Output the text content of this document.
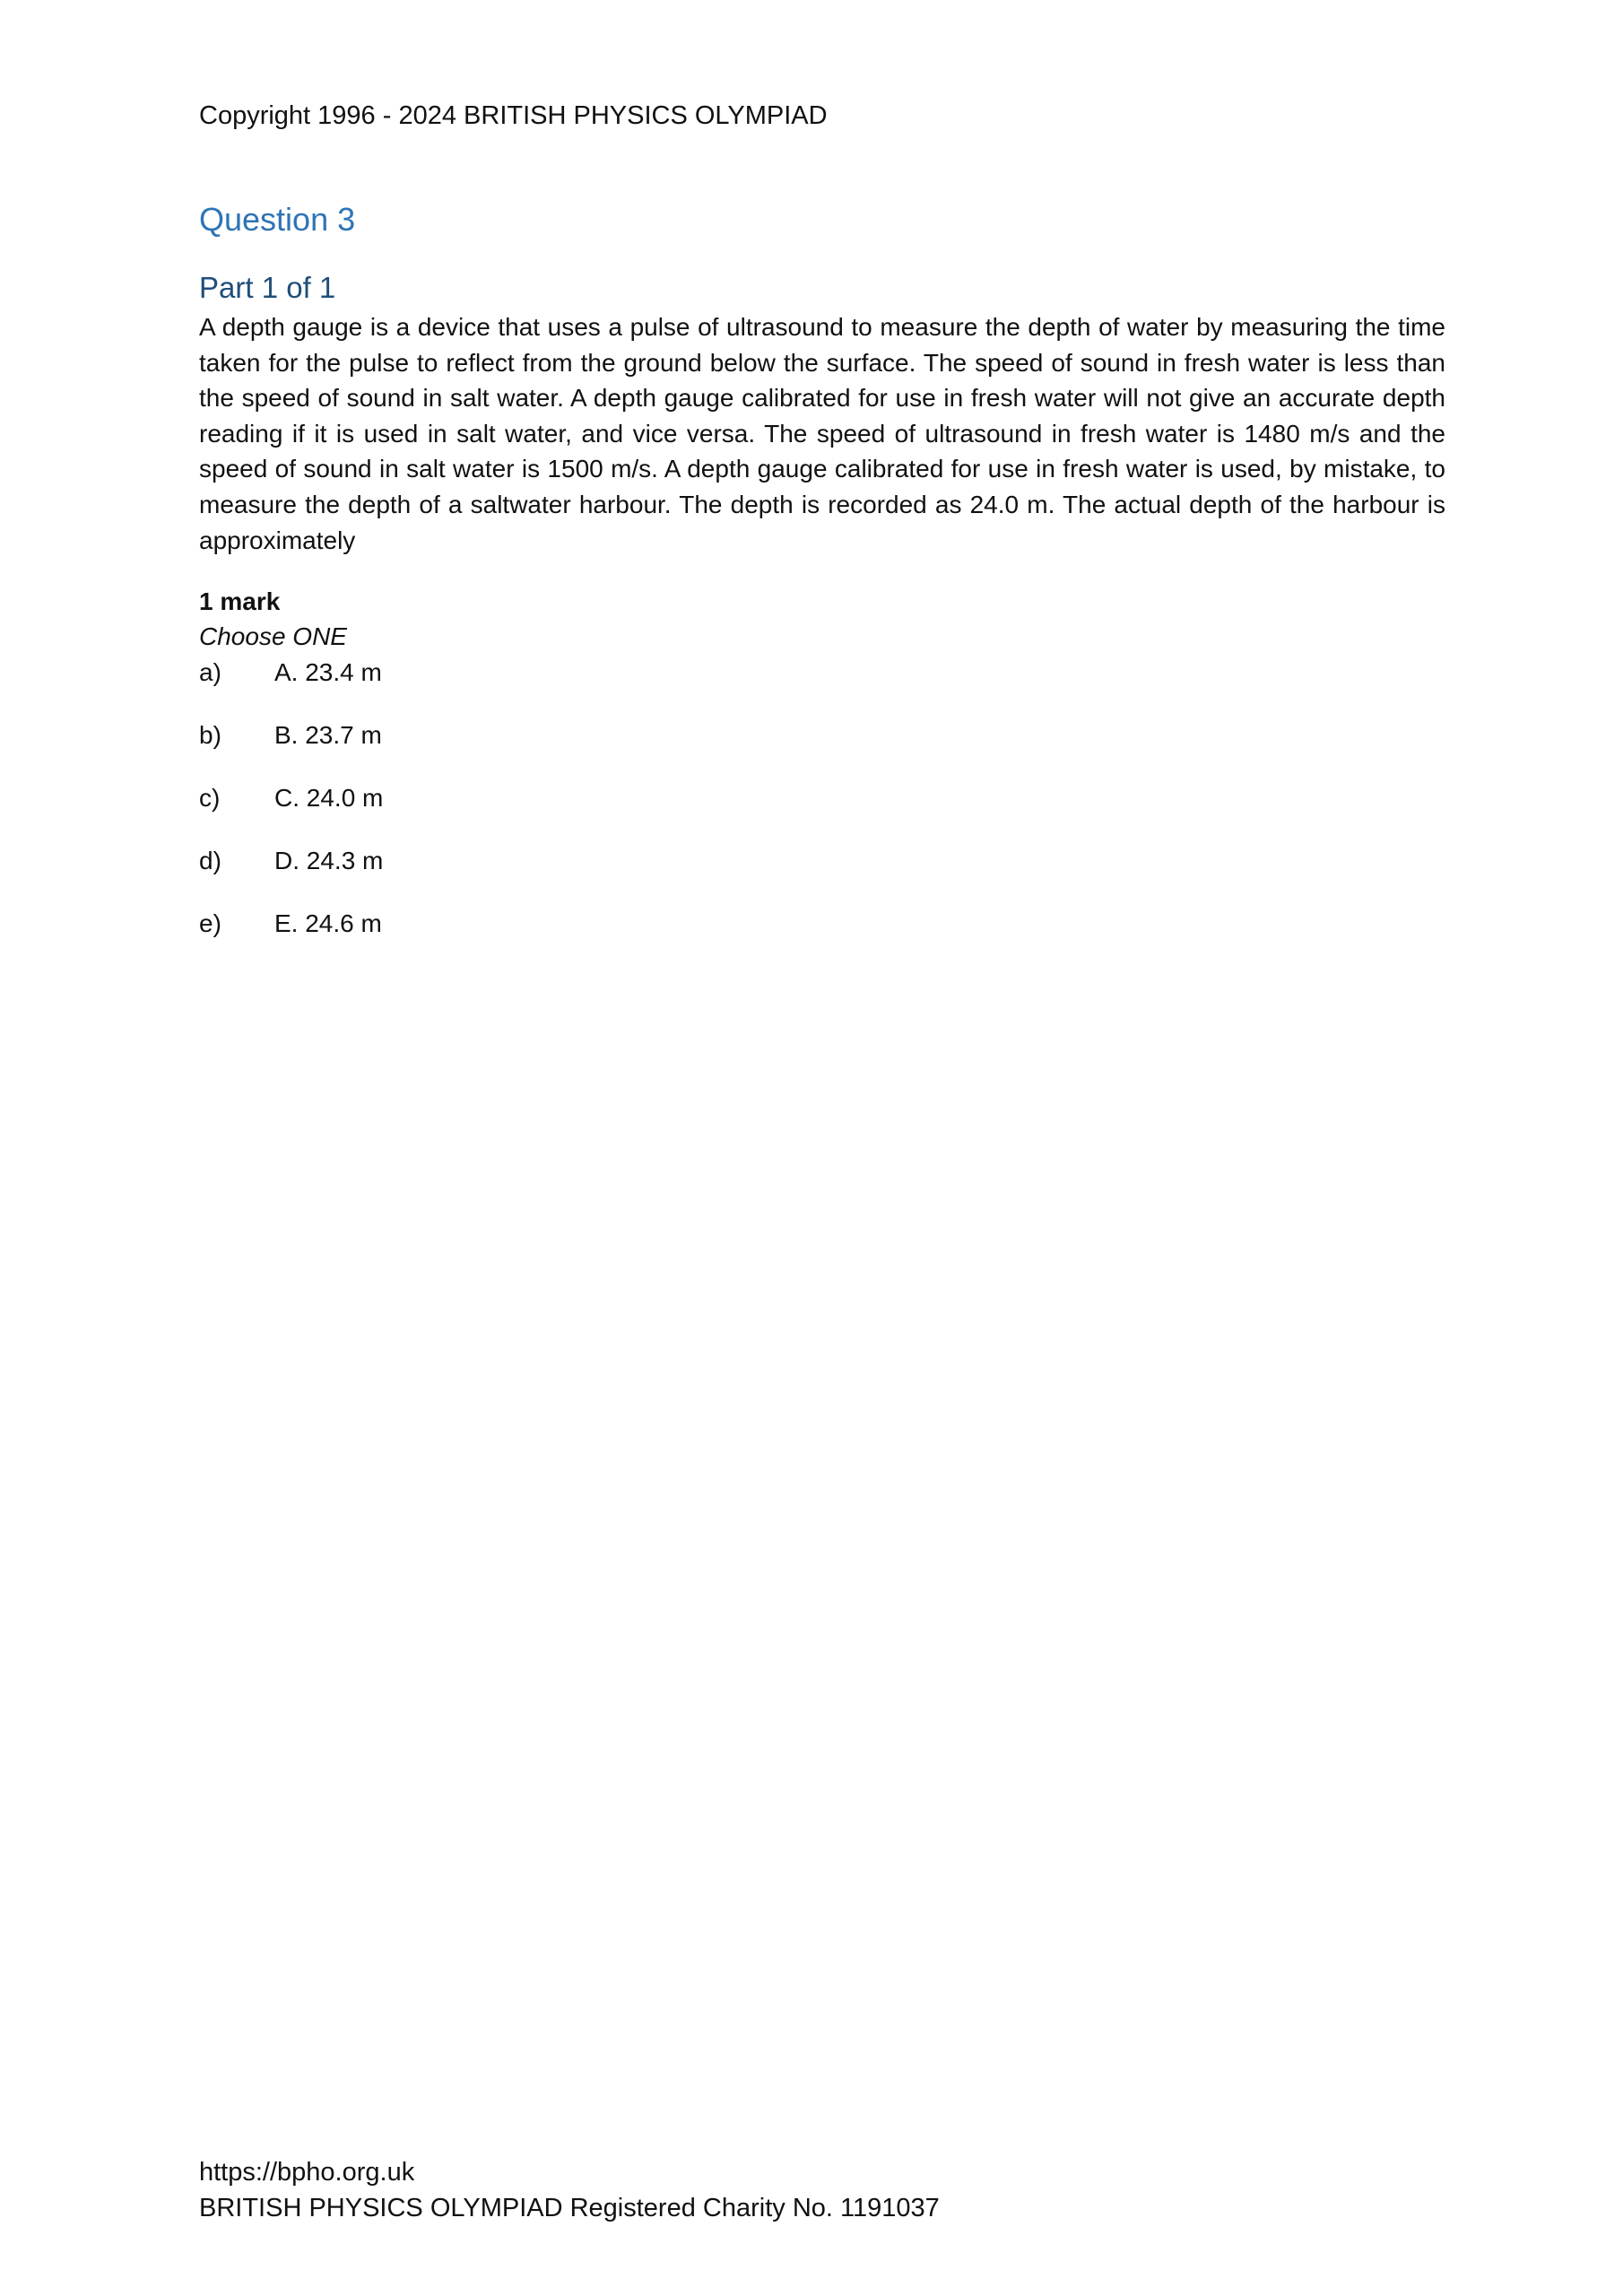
Copyright 1996 - 2024 BRITISH PHYSICS OLYMPIAD
Question 3
Part 1 of 1

A depth gauge is a device that uses a pulse of ultrasound to measure the depth of water by measuring the time taken for the pulse to reflect from the ground below the surface. The speed of sound in fresh water is less than the speed of sound in salt water. A depth gauge calibrated for use in fresh water will not give an accurate depth reading if it is used in salt water, and vice versa. The speed of ultrasound in fresh water is 1480 m/s and the speed of sound in salt water is 1500 m/s. A depth gauge calibrated for use in fresh water is used, by mistake, to measure the depth of a saltwater harbour. The depth is recorded as 24.0 m. The actual depth of the harbour is approximately

1 mark
Choose ONE
a) A. 23.4 m
b) B. 23.7 m
c) C. 24.0 m
d) D. 24.3 m
e) E. 24.6 m
https://bpho.org.uk
BRITISH PHYSICS OLYMPIAD Registered Charity No. 1191037
